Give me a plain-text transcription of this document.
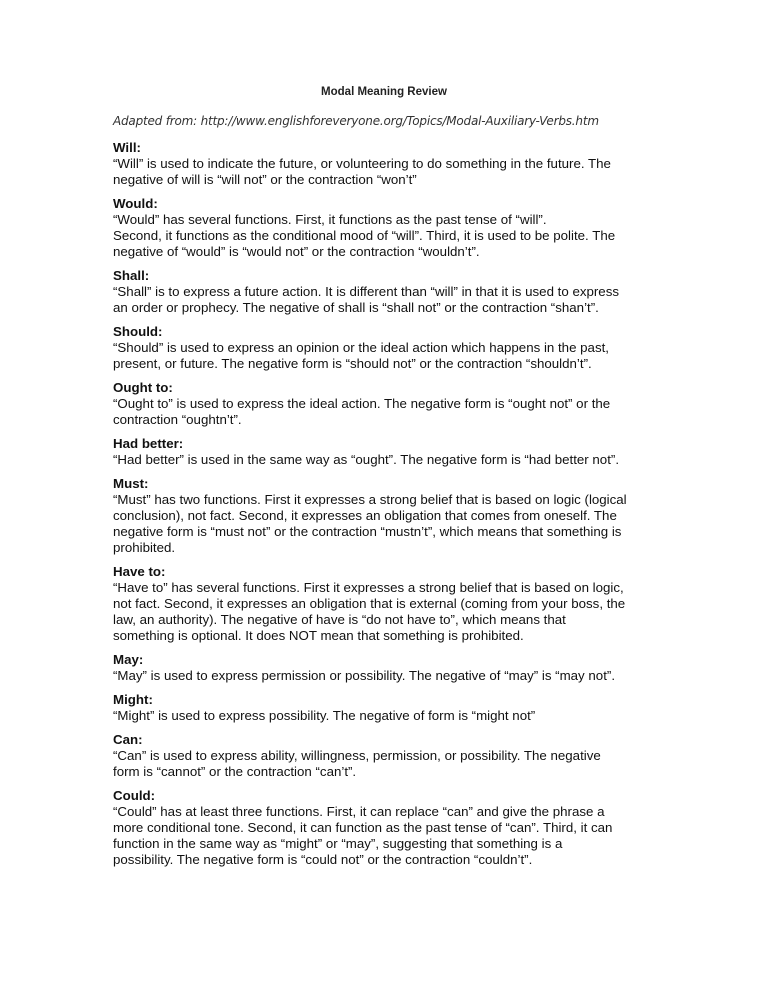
Modal Meaning Review
Adapted from: http://www.englishforeveryone.org/Topics/Modal-Auxiliary-Verbs.htm
Will:
“Will” is used to indicate the future, or volunteering to do something in the future. The
negative of will is “will not” or the contraction “won’t”
Would:
“Would” has several functions. First, it functions as the past tense of “will”.
Second, it functions as the conditional mood of “will”. Third, it is used to be polite. The
negative of “would” is “would not” or the contraction “wouldn’t”.
Shall:
“Shall” is to express a future action. It is different than “will” in that it is used to express
an order or prophecy. The negative of shall is “shall not” or the contraction “shan’t”.
Should:
“Should” is used to express an opinion or the ideal action which happens in the past,
present, or future. The negative form is “should not” or the contraction “shouldn’t”.
Ought to:
“Ought to” is used to express the ideal action. The negative form is “ought not” or the
contraction “oughtn’t”.
Had better:
“Had better” is used in the same way as “ought”. The negative form is “had better not”.
Must:
“Must” has two functions. First it expresses a strong belief that is based on logic (logical
conclusion), not fact. Second, it expresses an obligation that comes from oneself. The
negative form is “must not” or the contraction “mustn’t”, which means that something is
prohibited.
Have to:
“Have to” has several functions. First it expresses a strong belief that is based on logic,
not fact. Second, it expresses an obligation that is external (coming from your boss, the
law, an authority). The negative of have is “do not have to”, which means that
something is optional. It does NOT mean that something is prohibited.
May:
“May” is used to express permission or possibility. The negative of “may” is “may not”.
Might:
“Might” is used to express possibility. The negative of form is “might not”
Can:
“Can” is used to express ability, willingness, permission, or possibility. The negative
form is “cannot” or the contraction “can’t”.
Could:
“Could” has at least three functions. First, it can replace “can” and give the phrase a
more conditional tone. Second, it can function as the past tense of “can”. Third, it can
function in the same way as “might” or “may”, suggesting that something is a
possibility. The negative form is “could not” or the contraction “couldn’t”.
